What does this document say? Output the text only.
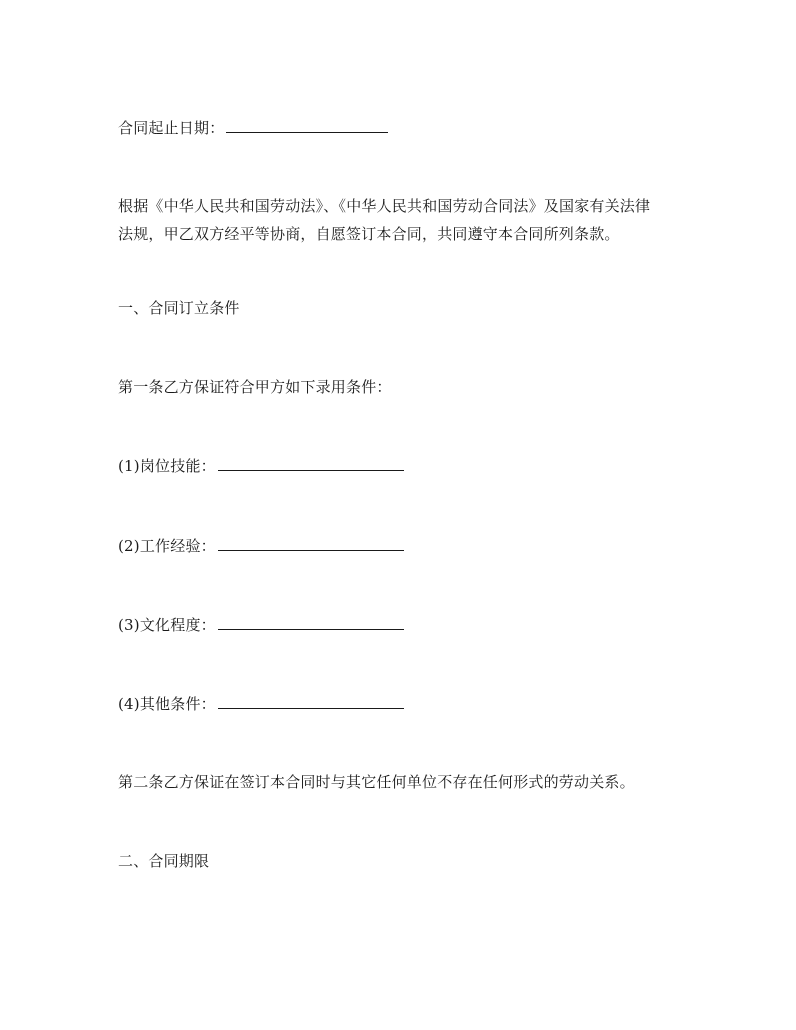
合同起止日期：
根据《中华人民共和国劳动法》、《中华人民共和国劳动合同法》及国家有关法律
法规，甲乙双方经平等协商，自愿签订本合同，共同遵守本合同所列条款。
一、合同订立条件
第一条乙方保证符合甲方如下录用条件：
(1)岗位技能：
(2)工作经验：
(3)文化程度：
(4)其他条件：
第二条乙方保证在签订本合同时与其它任何单位不存在任何形式的劳动关系。
二、合同期限
